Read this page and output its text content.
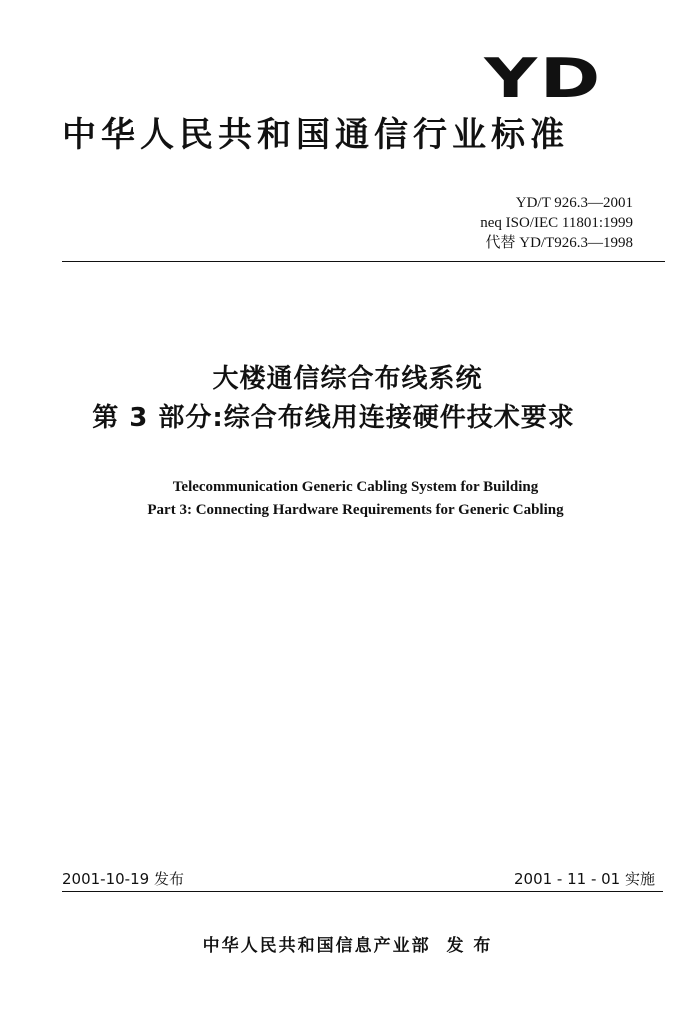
YD
中华人民共和国通信行业标准
YD/T 926.3—2001
neq ISO/IEC 11801:1999
代替 YD/T926.3—1998
大楼通信综合布线系统
第 3 部分:综合布线用连接硬件技术要求
Telecommunication Generic Cabling System for Building
Part 3: Connecting Hardware Requirements for Generic Cabling
2001-10-19 发布	2001 - 11 - 01 实施
中华人民共和国信息产业部  发 布
